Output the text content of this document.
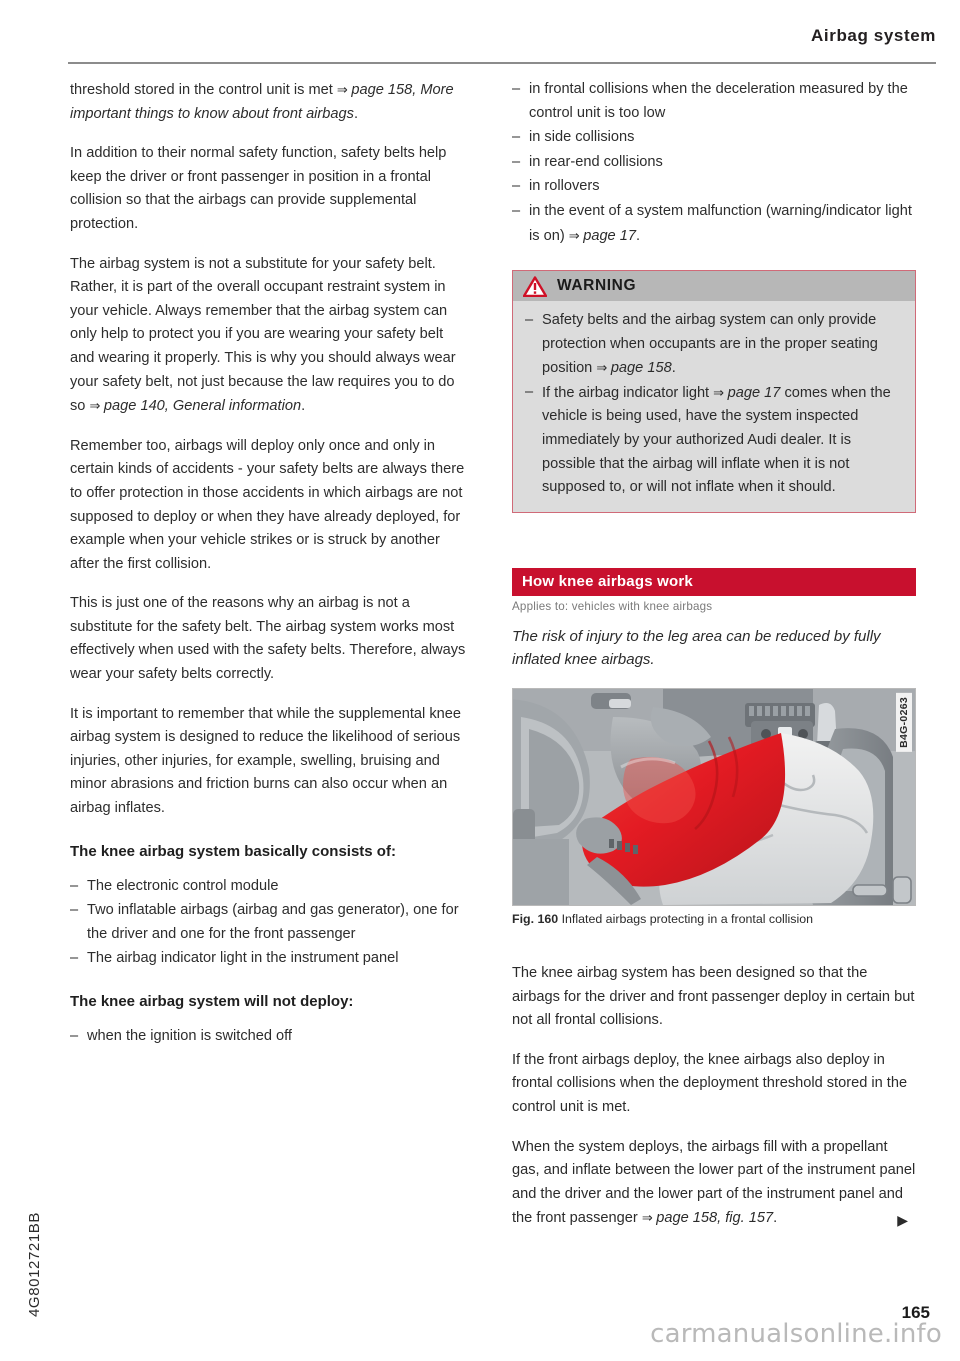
Airbag system

threshold stored in the control unit is met ⇒ page 158, More important things to know about front airbags.

In addition to their normal safety function, safety belts help keep the driver or front passenger in position in a frontal collision so that the airbags can provide supplemental protection.

The airbag system is not a substitute for your safety belt. Rather, it is part of the overall occupant restraint system in your vehicle. Always remember that the airbag system can only help to protect you if you are wearing your safety belt and wearing it properly. This is why you should always wear your safety belt, not just because the law requires you to do so ⇒ page 140, General information.

Remember too, airbags will deploy only once and only in certain kinds of accidents - your safety belts are always there to offer protection in those accidents in which airbags are not supposed to deploy or when they have already deployed, for example when your vehicle strikes or is struck by another after the first collision.

This is just one of the reasons why an airbag is not a substitute for the safety belt. The airbag system works most effectively when used with the safety belts. Therefore, always wear your safety belts correctly.

It is important to remember that while the supplemental knee airbag system is designed to reduce the likelihood of serious injuries, other injuries, for example, swelling, bruising and minor abrasions and friction burns can also occur when an airbag inflates.

The knee airbag system basically consists of:
– The electronic control module
– Two inflatable airbags (airbag and gas generator), one for the driver and one for the front passenger
– The airbag indicator light in the instrument panel
The knee airbag system will not deploy:
– when the ignition is switched off
– in frontal collisions when the deceleration measured by the control unit is too low
– in side collisions
– in rear-end collisions
– in rollovers
– in the event of a system malfunction (warning/indicator light is on) ⇒ page 17.
WARNING
– Safety belts and the airbag system can only provide protection when occupants are in the proper seating position ⇒ page 158.
– If the airbag indicator light ⇒ page 17 comes when the vehicle is being used, have the system inspected immediately by your authorized Audi dealer. It is possible that the airbag will inflate when it is not supposed to, or will not inflate when it should.
How knee airbags work
Applies to: vehicles with knee airbags
The risk of injury to the leg area can be reduced by fully inflated knee airbags.
B4G-0263
Fig. 160 Inflated airbags protecting in a frontal collision

The knee airbag system has been designed so that the airbags for the driver and front passenger deploy in certain but not all frontal collisions.

If the front airbags deploy, the knee airbags also deploy in frontal collisions when the deployment threshold stored in the control unit is met.

When the system deploys, the airbags fill with a propellant gas, and inflate between the lower part of the instrument panel and the driver and the lower part of the instrument panel and the front passenger ⇒ page 158, fig. 157.	▶
4G8012721BB	165
carmanualsonline.info
